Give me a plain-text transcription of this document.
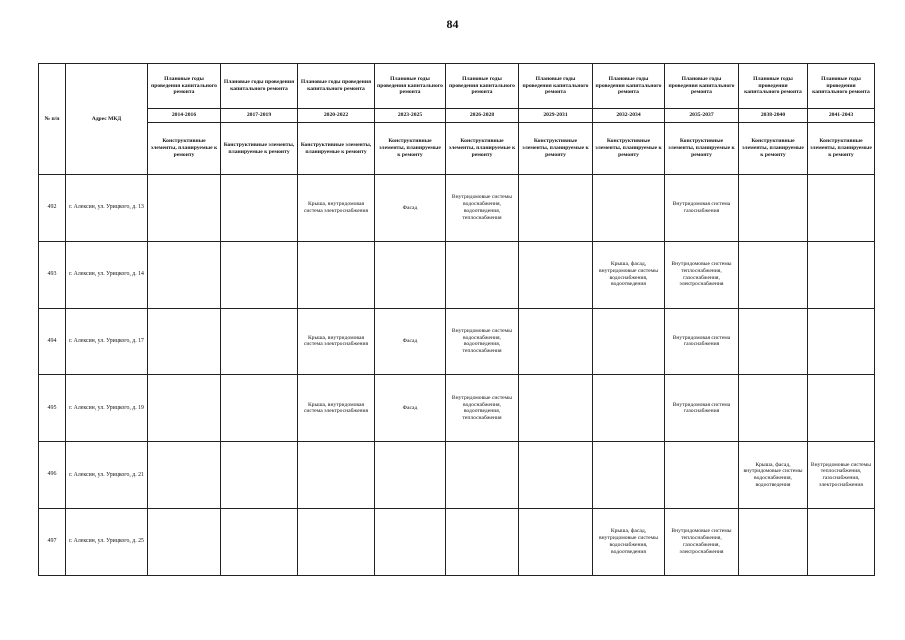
84
№ п/п	Адрес МКД	Плановые годы проведения капитального ремонта	Плановые годы проведения капитального ремонта	Плановые годы проведения капитального ремонта	Плановые годы проведения капитального ремонта	Плановые годы проведения капитального ремонта	Плановые годы проведения капитального ремонта	Плановые годы проведения капитального ремонта	Плановые годы проведения капитального ремонта	Плановые годы проведения капитального ремонта	Плановые годы проведения капитального ремонта
		2014-2016	2017-2019	2020-2022	2023-2025	2026-2028	2029-2031	2032-2034	2035-2037	2038-2040	2041-2043
		Конструктивные элементы, планируемые к ремонту	Конструктивные элементы, планируемые к ремонту	Конструктивные элементы, планируемые к ремонту	Конструктивные элементы, планируемые к ремонту	Конструктивные элементы, планируемые к ремонту	Конструктивные элементы, планируемые к ремонту	Конструктивные элементы, планируемые к ремонту	Конструктивные элементы, планируемые к ремонту	Конструктивные элементы, планируемые к ремонту	Конструктивные элементы, планируемые к ремонту
492	г. Алексин, ул. Урицкого, д. 13			Крыша, внутридомовая система электроснабжения	Фасад	Внутридомовые системы водоснабжения, водоотведения, теплоснабжения			Внутридомовая система газоснабжения		
493	г. Алексин, ул. Урицкого, д. 14							Крыша, фасад, внутридомовые системы водоснабжения, водоотведения	Внутридомовые системы теплоснабжения, газоснабжения, электроснабжения		
494	г. Алексин, ул. Урицкого, д. 17			Крыша, внутридомовая система электроснабжения	Фасад	Внутридомовые системы водоснабжения, водоотведения, теплоснабжения			Внутридомовая система газоснабжения		
495	г. Алексин, ул. Урицкого, д. 19			Крыша, внутридомовая система электроснабжения	Фасад	Внутридомовые системы водоснабжения, водоотведения, теплоснабжения			Внутридомовая система газоснабжения		
496	г. Алексин, ул. Урицкого, д. 21									Крыша, фасад, внутридомовые системы водоснабжения, водоотведения	Внутридомовые системы теплоснабжения, газоснабжения, электроснабжения
497	г. Алексин, ул. Урицкого, д. 25							Крыша, фасад, внутридомовые системы водоснабжения, водоотведения	Внутридомовые системы теплоснабжения, газоснабжения, электроснабжения		
